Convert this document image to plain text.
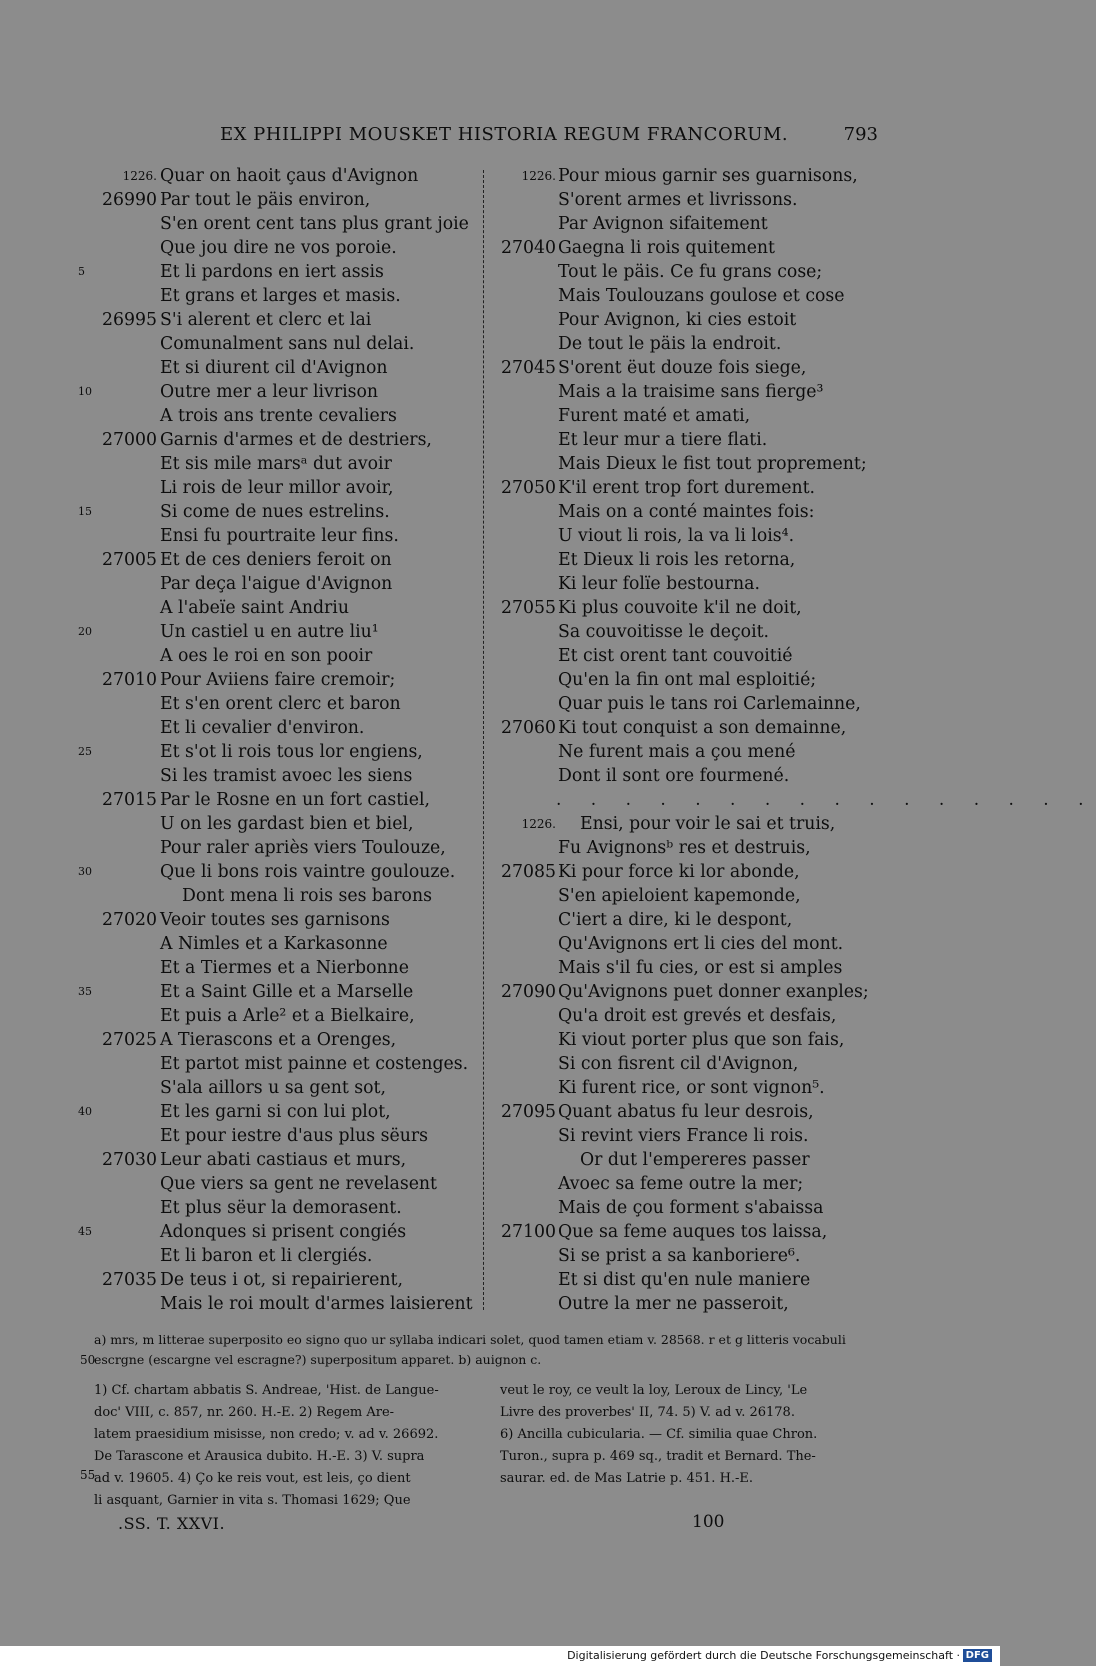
EX PHILIPPI MOUSKET HISTORIA REGUM FRANCORUM.	793
1226. Quar on haoit çaus d'Avignon
26990 Par tout le päis environ,
S'en orent cent tans plus grant joie
Que jou dire ne vos poroie.
5	Et li pardons en iert assis
Et grans et larges et masis.
26995 S'i alerent et clerc et lai
Comunalment sans nul delai.
Et si diurent cil d'Avignon
10	Outre mer a leur livrison
A trois ans trente cevaliers
27000 Garnis d'armes et de destriers,
Et sis mile marsᵃ dut avoir
Li rois de leur millor avoir,
15	Si come de nues estrelins.
Ensi fu pourtraite leur fins.
27005 Et de ces deniers feroit on
Par deça l'aigue d'Avignon
A l'abeïe saint Andriu
20	Un castiel u en autre liu¹
A oes le roi en son pooir
27010 Pour Aviiens faire cremoir;
Et s'en orent clerc et baron
Et li cevalier d'environ.
25	Et s'ot li rois tous lor engiens,
Si les tramist avoec les siens
27015 Par le Rosne en un fort castiel,
U on les gardast bien et biel,
Pour raler apriès viers Toulouze,
30	Que li bons rois vaintre goulouze.
Dont mena li rois ses barons
27020 Veoir toutes ses garnisons
A Nimles et a Karkasonne
Et a Tiermes et a Nierbonne
35	Et a Saint Gille et a Marselle
Et puis a Arle² et a Bielkaire,
27025 A Tierascons et a Orenges,
Et partot mist painne et costenges.
S'ala aillors u sa gent sot,
40	Et les garni si con lui plot,
Et pour iestre d'aus plus sëurs
27030 Leur abati castiaus et murs,
Que viers sa gent ne revelasent
Et plus sëur la demorasent.
45	Adonques si prisent congiés
Et li baron et li clergiés.
27035 De teus i ot, si repairierent,
Mais le roi moult d'armes laisierent
1226. Pour mious garnir ses guarnisons,
S'orent armes et livrissons.
Par Avignon sifaitement
27040 Gaegna li rois quitement
Tout le päis. Ce fu grans cose;
Mais Toulouzans goulose et cose
Pour Avignon, ki cies estoit
De tout le päis la endroit.
27045 S'orent ëut douze fois siege,
Mais a la traisime sans fierge³
Furent maté et amati,
Et leur mur a tiere flati.
Mais Dieux le fist tout proprement;
27050 K'il erent trop fort durement.
Mais on a conté maintes fois:
U viout li rois, la va li lois⁴.
Et Dieux li rois les retorna,
Ki leur folïe bestourna.
27055 Ki plus couvoite k'il ne doit,
Sa couvoitisse le deçoit.
Et cist orent tant couvoitié
Qu'en la fin ont mal esploitié;
Quar puis le tans roi Carlemainne,
27060 Ki tout conquist a son demainne,
Ne furent mais a çou mené
Dont il sont ore fourmené.
. . . . . . . . . . . . . . . .
1226.	Ensi, pour voir le sai et truis,
Fu Avignonsᵇ res et destruis,
27085 Ki pour force ki lor abonde,
S'en apieloient kapemonde,
C'iert a dire, ki le despont,
Qu'Avignons ert li cies del mont.
Mais s'il fu cies, or est si amples
27090 Qu'Avignons puet donner exanples;
Qu'a droit est grevés et desfais,
Ki viout porter plus que son fais,
Si con fisrent cil d'Avignon,
Ki furent rice, or sont vignon⁵.
27095 Quant abatus fu leur desrois,
Si revint viers France li rois.
Or dut l'empereres passer
Avoec sa feme outre la mer;
Mais de çou forment s'abaissa
27100 Que sa feme auques tos laissa,
Si se prist a sa kanboriere⁶.
Et si dist qu'en nule maniere
Outre la mer ne passeroit,
a) mrs, m litterae superposito eo signo quo ur syllaba indicari solet, quod tamen etiam v. 28568. r et g litteris vocabuli
50
escrgne (escargne vel escragne?) superpositum apparet. b) auignon c.
1) Cf. chartam abbatis S. Andreae, 'Hist. de Langue-
doc' VIII, c. 857, nr. 260. H.-E. 2) Regem Are-
latem praesidium misisse, non credo; v. ad v. 26692.
De Tarascone et Arausica dubito. H.-E. 3) V. supra
ad v. 19605. 4) Ço ke reis vout, est leis, ço dient
li asquant, Garnier in vita s. Thomasi 1629; Que
55
veut le roy, ce veult la loy, Leroux de Lincy, 'Le
Livre des proverbes' II, 74. 5) V. ad v. 26178.
6) Ancilla cubicularia. — Cf. similia quae Chron.
Turon., supra p. 469 sq., tradit et Bernard. The-
saurar. ed. de Mas Latrie p. 451. H.-E.
.SS. T. XXVI.	100
Digitalisierung gefördert durch die Deutsche Forschungsgemeinschaft · DFG
